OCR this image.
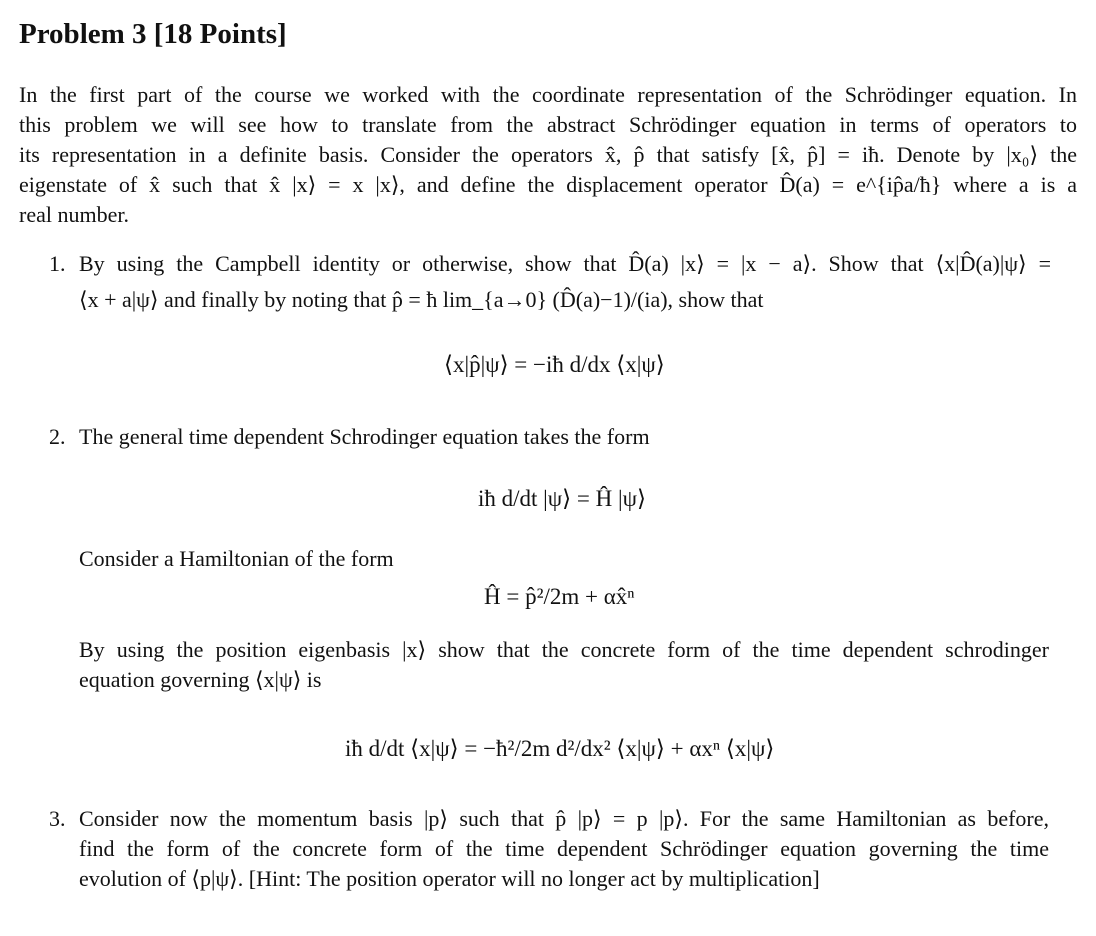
Problem 3 [18 Points]
In the first part of the course we worked with the coordinate representation of the Schrödinger equation. In
this problem we will see how to translate from the abstract Schrödinger equation in terms of operators to
its representation in a definite basis. Consider the operators x̂, p̂ that satisfy [x̂, p̂] = iħ. Denote by |x₀⟩ the
eigenstate of x̂ such that x̂ |x⟩ = x |x⟩, and define the displacement operator D̂(a) = e^{ip̂a/ħ} where a is a
real number.
1. By using the Campbell identity or otherwise, show that D̂(a) |x⟩ = |x − a⟩. Show that ⟨x|D̂(a)|ψ⟩ =
⟨x + a|ψ⟩ and finally by noting that p̂ = ħ lim_{a→0} (D̂(a)−1)/(ia), show that
⟨x|p̂|ψ⟩ = −iħ d/dx ⟨x|ψ⟩
2. The general time dependent Schrodinger equation takes the form
iħ d/dt |ψ⟩ = Ĥ |ψ⟩
Consider a Hamiltonian of the form
Ĥ = p̂²/2m + αx̂ⁿ
By using the position eigenbasis |x⟩ show that the concrete form of the time dependent schrodinger
equation governing ⟨x|ψ⟩ is
iħ d/dt ⟨x|ψ⟩ = −ħ²/2m d²/dx² ⟨x|ψ⟩ + αxⁿ ⟨x|ψ⟩
3. Consider now the momentum basis |p⟩ such that p̂ |p⟩ = p |p⟩. For the same Hamiltonian as before,
find the form of the concrete form of the time dependent Schrödinger equation governing the time
evolution of ⟨p|ψ⟩. [Hint: The position operator will no longer act by multiplication]
